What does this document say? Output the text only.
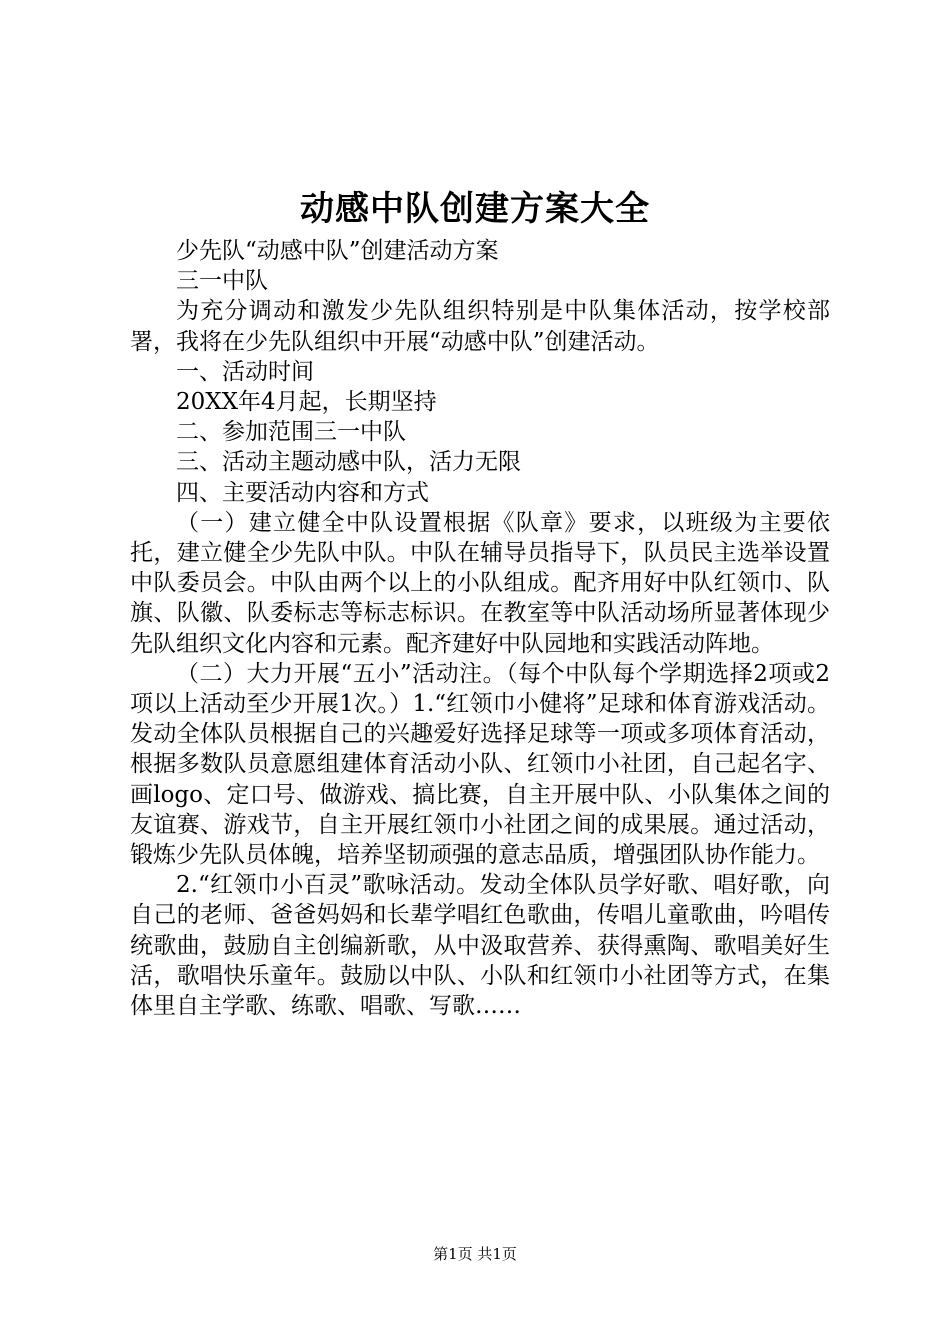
动感中队创建方案大全

少先队“动感中队”创建活动方案

三一中队

为充分调动和激发少先队组织特别是中队集体活动，按学校部署，我将在少先队组织中开展“动感中队”创建活动。

一、活动时间

20XX年4月起，长期坚持

二、参加范围三一中队

三、活动主题动感中队，活力无限

四、主要活动内容和方式

（一）建立健全中队设置根据《队章》要求，以班级为主要依托，建立健全少先队中队。中队在辅导员指导下，队员民主选举设置中队委员会。中队由两个以上的小队组成。配齐用好中队红领巾、队旗、队徽、队委标志等标志标识。在教室等中队活动场所显著体现少先队组织文化内容和元素。配齐建好中队园地和实践活动阵地。

（二）大力开展“五小”活动注。（每个中队每个学期选择2项或2项以上活动至少开展1次。）1.“红领巾小健将”足球和体育游戏活动。发动全体队员根据自己的兴趣爱好选择足球等一项或多项体育活动，根据多数队员意愿组建体育活动小队、红领巾小社团，自己起名字、画logo、定口号、做游戏、搞比赛，自主开展中队、小队集体之间的友谊赛、游戏节，自主开展红领巾小社团之间的成果展。通过活动，锻炼少先队员体魄，培养坚韧顽强的意志品质，增强团队协作能力。

2.“红领巾小百灵”歌咏活动。发动全体队员学好歌、唱好歌，向自己的老师、爸爸妈妈和长辈学唱红色歌曲，传唱儿童歌曲，吟唱传统歌曲，鼓励自主创编新歌，从中汲取营养、获得熏陶、歌唱美好生活，歌唱快乐童年。鼓励以中队、小队和红领巾小社团等方式，在集体里自主学歌、练歌、唱歌、写歌……

第1页 共1页
